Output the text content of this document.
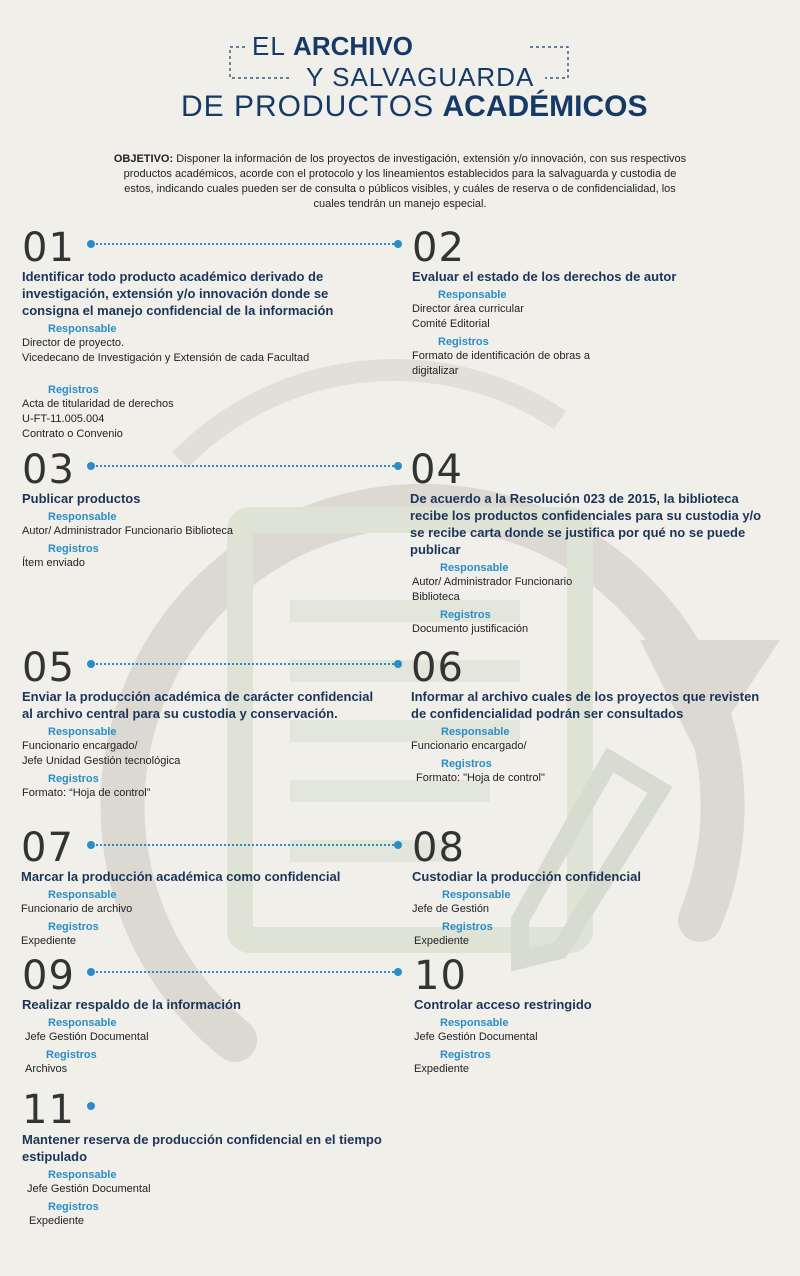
EL ARCHIVO
Y SALVAGUARDA
DE PRODUCTOS ACADÉMICOS
OBJETIVO: Disponer la información de los proyectos de investigación, extensión y/o innovación, con sus respectivos productos académicos, acorde con el protocolo y los lineamientos establecidos para la salvaguarda y custodia de estos, indicando cuales pueden ser de consulta o públicos visibles, y cuáles de reserva o de confidencialidad, los cuales tendrán un manejo especial.
01
Identificar todo producto académico derivado de investigación, extensión y/o innovación donde se consigna el manejo confidencial de la información
Responsable
Director de proyecto.
Vicedecano de Investigación y Extensión de cada Facultad
Registros
Acta de titularidad de derechos
U-FT-11.005.004
Contrato o Convenio
02
Evaluar el estado de los derechos de autor
Responsable
Director área curricular
Comité Editorial
Registros
Formato de identificación de obras a
digitalizar
03
Publicar productos
Responsable
Autor/ Administrador Funcionario Biblioteca
Registros
Ítem enviado
04
De acuerdo a la Resolución 023 de 2015, la biblioteca recibe los productos confidenciales para su custodia y/o se recibe carta donde se justifica por qué no se puede publicar
Responsable
Autor/ Administrador Funcionario
Biblioteca
Registros
Documento justificación
05
Enviar la producción académica de carácter confidencial al archivo central para su custodia y conservación.
Responsable
Funcionario encargado/
Jefe Unidad Gestión tecnológica
Registros
Formato: “Hoja de control”
06
Informar al archivo cuales de los proyectos que revisten de confidencialidad podrán ser consultados
Responsable
Funcionario encargado/
Registros
Formato: "Hoja de control"
07
Marcar la producción académica como confidencial
Responsable
Funcionario de archivo
Registros
Expediente
08
Custodiar la producción confidencial
Responsable
Jefe de Gestión
Registros
Expediente
09
Realizar respaldo de la información
Responsable
Jefe Gestión Documental
Registros
Archivos
10
Controlar acceso restringido
Responsable
Jefe Gestión Documental
Registros
Expediente
11
Mantener reserva de producción confidencial en el tiempo estipulado
Responsable
Jefe Gestión Documental
Registros
Expediente
